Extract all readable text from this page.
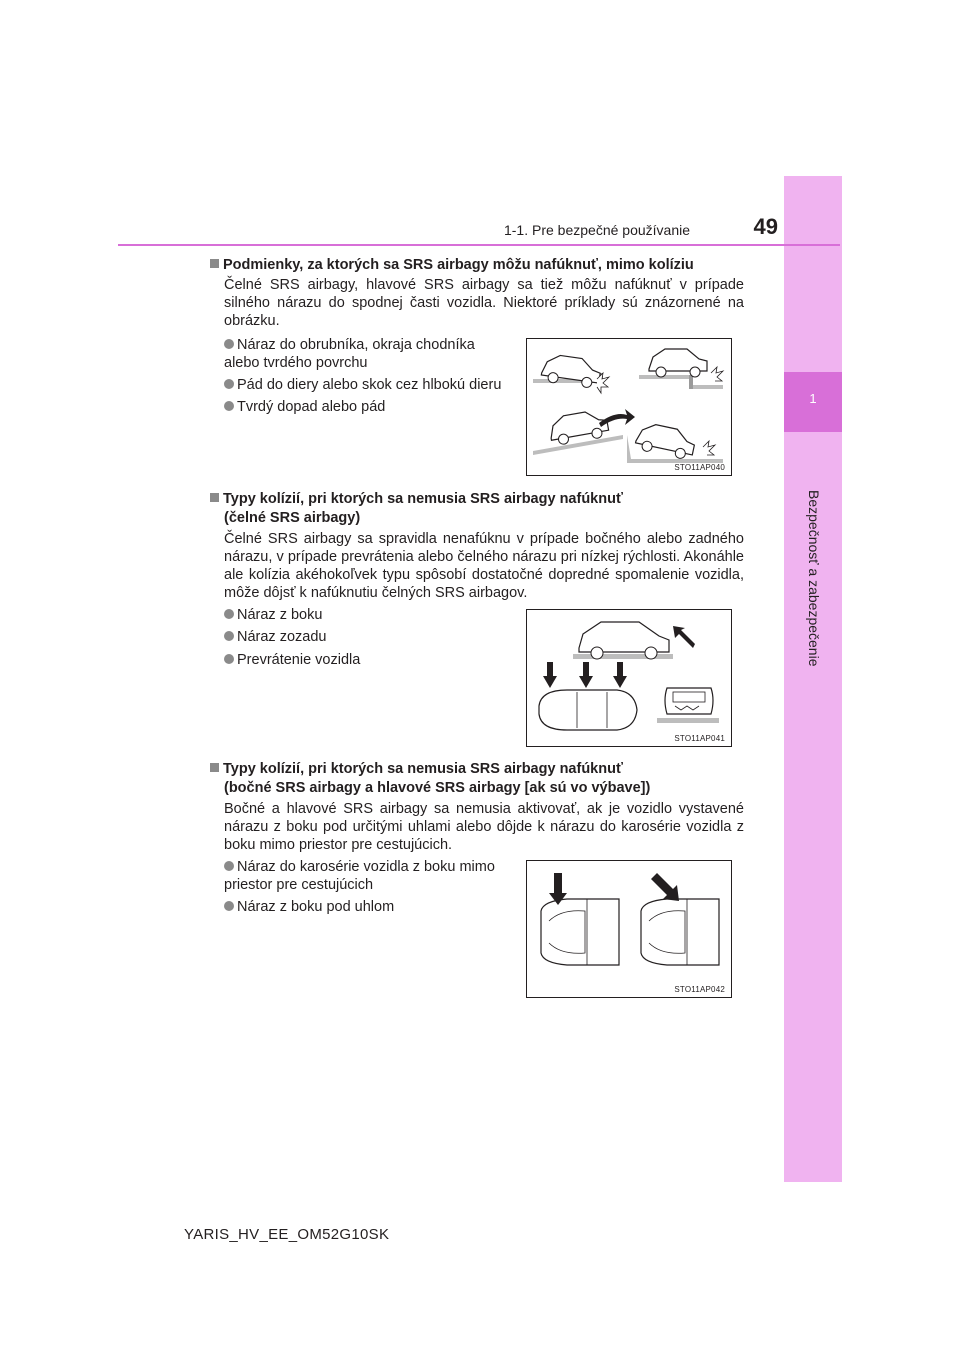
1
Bezpečnosť a zabezpečenie
1-1. Pre bezpečné používanie	49
Podmienky, za ktorých sa SRS airbagy môžu nafúknuť, mimo kolíziu
Čelné SRS airbagy, hlavové SRS airbagy sa tiež môžu nafúknuť v prípade silného nárazu do spodnej časti vozidla. Niektoré príklady sú znázornené na obrázku.
Náraz do obrubníka, okraja chodníka alebo tvrdého povrchu
Pád do diery alebo skok cez hlbokú dieru
Tvrdý dopad alebo pád
STO11AP040
Typy kolízií, pri ktorých sa nemusia SRS airbagy nafúknuť
(čelné SRS airbagy)
Čelné SRS airbagy sa spravidla nenafúknu v prípade bočného alebo zadného nárazu, v prípade prevrátenia alebo čelného nárazu pri nízkej rýchlosti. Akonáhle ale kolízia akéhokoľvek typu spôsobí dostatočné dopredné spomalenie vozidla, môže dôjsť k nafúknutiu čelných SRS airbagov.
Náraz z boku
Náraz zozadu
Prevrátenie vozidla
STO11AP041
Typy kolízií, pri ktorých sa nemusia SRS airbagy nafúknuť
(bočné SRS airbagy a hlavové SRS airbagy [ak sú vo výbave])
Bočné a hlavové SRS airbagy sa nemusia aktivovať, ak je vozidlo vystavené nárazu z boku pod určitými uhlami alebo dôjde k nárazu do karosérie vozidla z boku mimo priestor pre cestujúcich.
Náraz do karosérie vozidla z boku mimo priestor pre cestujúcich
Náraz z boku pod uhlom
STO11AP042
YARIS_HV_EE_OM52G10SK
